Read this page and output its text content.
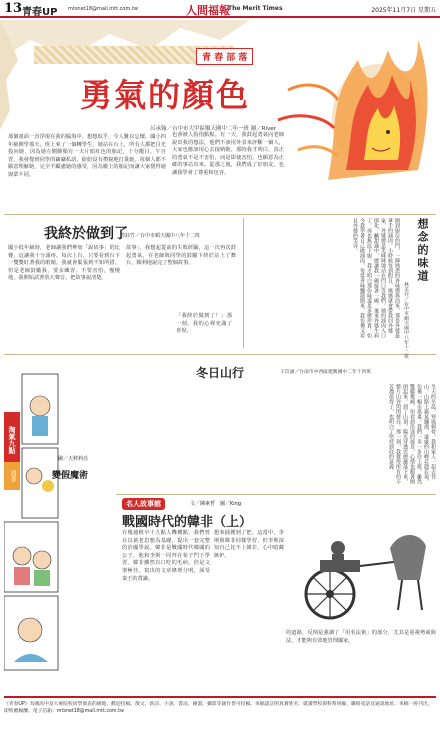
13 青春UP mtsnet18@mail.mtt.com.tw	人間福報
The Merit Times	2025年11月7日 星期五
青 春 部 落
勇氣的顏色
呂承翰／台中市大甲區順天國中二年一班 圖／River
那個畫面一直浮現在我的腦海中，想想似乎，令人難以忘懷。國小四年級開學那天，班上來了一個轉學生，她站在台上，所有人都把目光投向她，因為她左側臉頰有一大片暗紅色的胎記，十分醒目。午自習，我發覺到同學的竊竊私語，紛紛沒有禮貌地打量她。每個人都不願意理解她，完全不顧慮她的感受，因為臉上的胎記而讓大家覺得她與眾不同。
也會被人指指點點。有一天，我鼓起勇氣向老師說出我的想法，他們不該用外表來評斷一個人，大家也應該用心去接納她。那時我才明白，真正的勇氣不是不害怕，而是即使害怕，也願意為正確的事站出來。從那之後，我們成了好朋友，也讓我學會了尊重和包容。
我終於做到了
曾鈺竹／台中市順天國中八年十二班
國小低年級時，老師讓我們參加「說故事」的比賽，這讓我十分頭疼。每次上台，只要看到台下一雙雙盯著我的眼睛，我就會緊張到不知所措。但是老師鼓勵我，要多練習，不要害怕，慢慢地，我開始試著放大聲音，把故事說清楚。
故事」，我想起從前的失敗經驗，這一次再次鼓起勇氣，在老師與同學的鼓勵下終於站上了舞台，順利地說完了整個故事。
「我終於做到了！」那一刻，我的心裡充滿了喜悅。
想念的味道
林美伶／台中市順天國中八年十二班
開到廚房的門，一陣熟悉的香味撲鼻而來，那是外婆最拿手的滷肉。小時候每到假日，媽媽就會帶我回外婆家，外婆總是笑咪咪地站在門口等我們。她的滷肉入口即化，鹹甜適中，總讓我一碗接著一碗。後來外婆生病了，再也無法下廚，我才明白那份味道是多麼珍貴。如今我學著自己做滷肉，每當香味飄散開來，我彷彿又看見外婆的笑容。
冬日山行	王苡涵／台南市中西區建興國中二年十四班
冬天的早晨，寒風刺骨，我和家人一起去登山。山路上霧氣瀰漫，遠處的山峰若隱若現，彷彿一幅水墨畫。我們一步一步往上爬，雖然雙腿痠痛，但看到沿途的風景，心情也跟著開朗起來。到了山頂，陽光穿透雲層灑落下來，整片山谷閃閃發亮。那一刻，我覺得所有的辛苦都值得了，也明白了堅持到底的意義。
淘氣九點
漫畫
圖／天秤莉亮
變假魔術
名人故事館	文／陳素哲　圖／King
戰國時代的韓非（上）
有幾週稍早十九點人機構點，我們曾在以黃老思想為基礎，提出一套完整的治國學說。韓非是戰國時代韓國的公子，他和李斯一同拜在荀子門下學習。韓非雖然有口吃的毛病，但是文筆極佳，寫出的文章條理分明，深受秦王的賞識。
想來捕獲到了把。這當中，李斯與韓非同樣學習，但李斯深知自己比不上韓非，心中暗藏嫉妒。
的道路，反倒是強調了「用名法術」的部分，尤其是重視勢威與法，才能夠有效地管理國家。

《青春UP》為國高中及大專院校同學發表的園地，歡迎投稿。散文、新詩、小說、書法、繪畫、攝影等創作皆可投稿。來稿請註明真實姓名、就讀學校與科系班級、聯絡電話及通訊地址。來稿一經刊出，即致贈稿酬。電子信箱：mtsnet18@mail.mtt.com.tw
